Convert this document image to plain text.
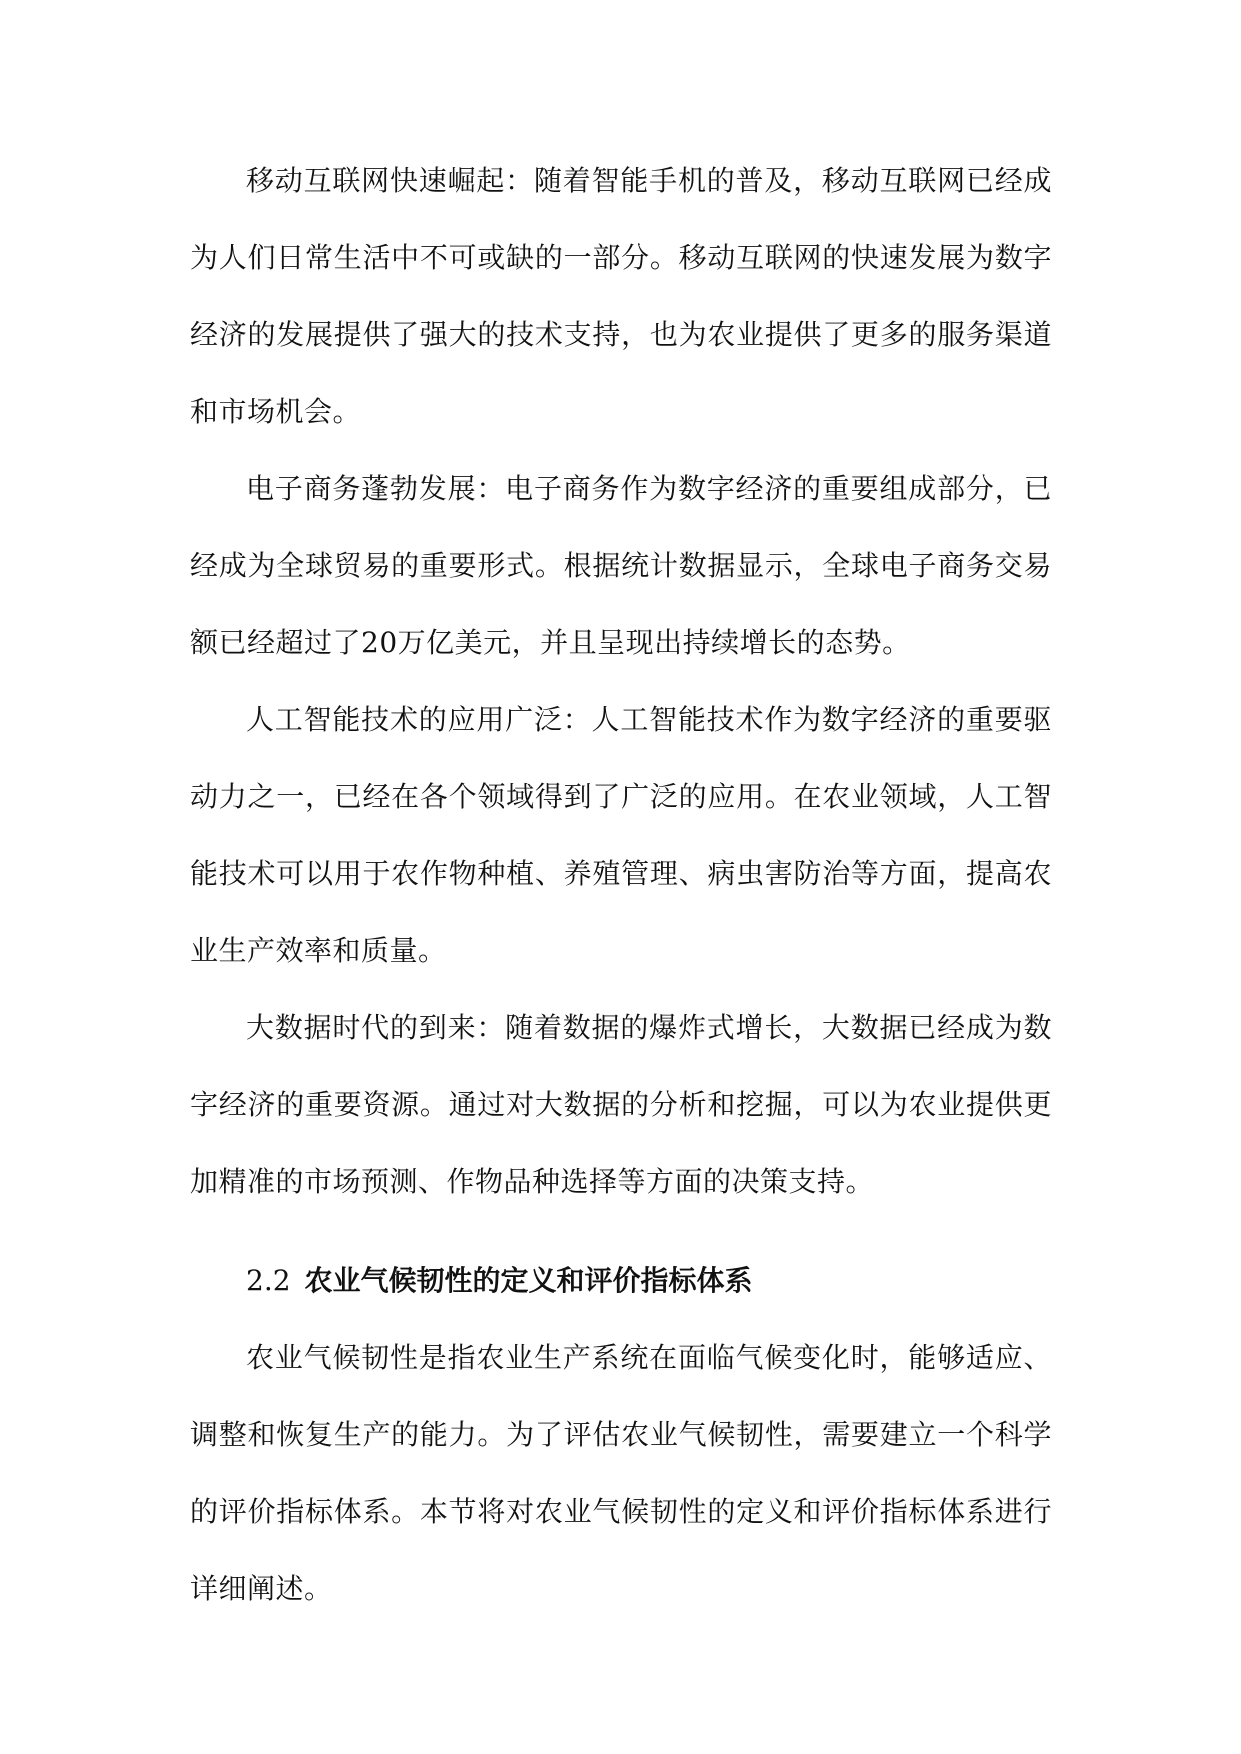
移动互联网快速崛起：随着智能手机的普及，移动互联网已经成为人们日常生活中不可或缺的一部分。移动互联网的快速发展为数字经济的发展提供了强大的技术支持，也为农业提供了更多的服务渠道和市场机会。

电子商务蓬勃发展：电子商务作为数字经济的重要组成部分，已经成为全球贸易的重要形式。根据统计数据显示，全球电子商务交易额已经超过了20万亿美元，并且呈现出持续增长的态势。

人工智能技术的应用广泛：人工智能技术作为数字经济的重要驱动力之一，已经在各个领域得到了广泛的应用。在农业领域，人工智能技术可以用于农作物种植、养殖管理、病虫害防治等方面，提高农业生产效率和质量。

大数据时代的到来：随着数据的爆炸式增长，大数据已经成为数字经济的重要资源。通过对大数据的分析和挖掘，可以为农业提供更加精准的市场预测、作物品种选择等方面的决策支持。

2.2 农业气候韧性的定义和评价指标体系

农业气候韧性是指农业生产系统在面临气候变化时，能够适应、调整和恢复生产的能力。为了评估农业气候韧性，需要建立一个科学的评价指标体系。本节将对农业气候韧性的定义和评价指标体系进行详细阐述。
